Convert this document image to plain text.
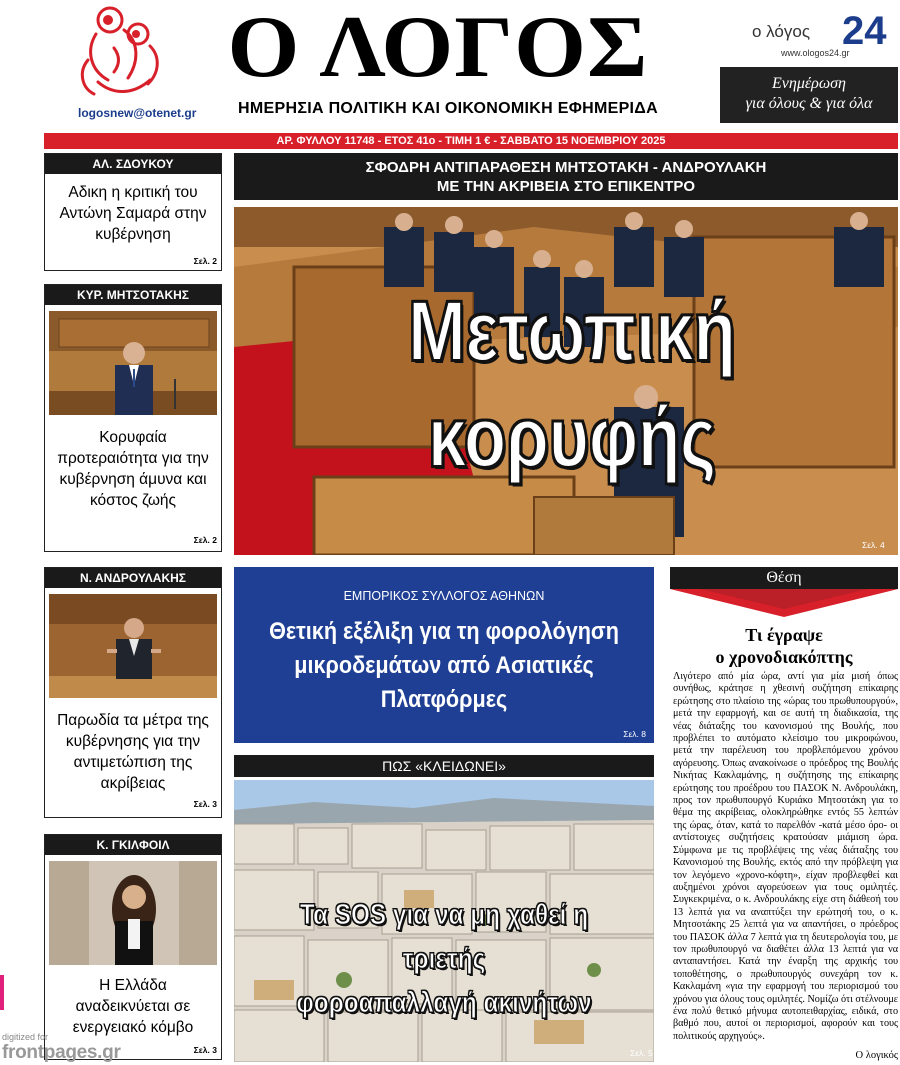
Ο ΛΟΓΟΣ
ΗΜΕΡΗΣΙΑ ΠΟΛΙΤΙΚΗ ΚΑΙ ΟΙΚΟΝΟΜΙΚΗ ΕΦΗΜΕΡΙΔΑ
logosnew@otenet.gr
24
ο λόγος
www.ologos24.gr
Ενημέρωση
για όλους & για όλα
ΑΡ. ΦΥΛΛΟΥ 11748 - ΕΤΟΣ 41ο - ΤΙΜΗ 1 € - ΣΑΒΒΑΤΟ 15 ΝΟΕΜΒΡΙΟΥ 2025
ΑΛ. ΣΔΟΥΚΟΥ
Αδικη η κριτική του Αντώνη Σαμαρά στην κυβέρνηση
Σελ. 2
ΚΥΡ. ΜΗΤΣΟΤΑΚΗΣ
Κορυφαία προτεραιότητα για την κυβέρνηση άμυνα και κόστος ζωής
Σελ. 2
Ν. ΑΝΔΡΟΥΛΑΚΗΣ
Παρωδία τα μέτρα της κυβέρνησης για την αντιμετώπιση της ακρίβειας
Σελ. 3
Κ. ΓΚΙΛΦΟΙΛ
Η Ελλάδα αναδεικνύεται σε ενεργειακό κόμβο
Σελ. 3
ΣΦΟΔΡΗ ΑΝΤΙΠΑΡΑΘΕΣΗ ΜΗΤΣΟΤΑΚΗ - ΑΝΔΡΟΥΛΑΚΗ
ΜΕ ΤΗΝ ΑΚΡΙΒΕΙΑ ΣΤΟ ΕΠΙΚΕΝΤΡΟ
Μετωπική
κορυφής
Σελ. 4
ΕΜΠΟΡΙΚΟΣ ΣΥΛΛΟΓΟΣ ΑΘΗΝΩΝ
Θετική εξέλιξη για τη φορολόγηση
μικροδεμάτων από Ασιατικές
Πλατφόρμες
Σελ. 8
ΠΩΣ «ΚΛΕΙΔΩΝΕΙ»
Τα SOS για να μη χαθεί η τριετής
φοροαπαλλαγή ακινήτων
Σελ. 5
Θέση
Τι έγραψε
ο χρονοδιακόπτης
Λιγότερο από μία ώρα, αντί για μία μισή όπως συνήθως, κράτησε η χθεσινή συζήτηση επίκαιρης ερώτησης στο πλαίσιο της «ώρας του πρωθυπουργού», μετά την εφαρμογή, και σε αυτή τη διαδικασία, της νέας διάταξης του κανονισμού της Βουλής, που προβλέπει το αυτόματο κλείσιμο του μικροφώνου, μετά την παρέλευση του προβλεπόμενου χρόνου αγόρευσης. Όπως ανακοίνωσε ο πρόεδρος της Βουλής Νικήτας Κακλαμάνης, η συζήτησης της επίκαιρης ερώτησης του προέδρου του ΠΑΣΟΚ Ν. Ανδρουλάκη, προς τον πρωθυπουργό Κυριάκο Μητσοτάκη για το θέμα της ακρίβειας, ολοκληρώθηκε εντός 55 λεπτών της ώρας, όταν, κατά το παρελθόν -κατά μέσο όρο- οι αντίστοιχες συζητήσεις κρατούσαν μιάμιση ώρα. Σύμφωνα με τις προβλέψεις της νέας διάταξης του Κανονισμού της Βουλής, εκτός από την πρόβλεψη για τον λεγόμενο «χρονο-κόφτη», είχαν προβλεφθεί και αυξημένοι χρόνοι αγορεύσεων για τους ομιλητές. Συγκεκριμένα, ο κ. Ανδρουλάκης είχε στη διάθεσή του 13 λεπτά για να αναπτύξει την ερώτησή του, ο κ. Μητσοτάκης 25 λεπτά για να απαντήσει, ο πρόεδρος του ΠΑΣΟΚ άλλα 7 λεπτά για τη δευτερολογία του, με τον πρωθυπουργό να διαθέτει άλλα 13 λεπτά για να ανταπαντήσει. Κατά την έναρξη της αρχικής του τοποθέτησης, ο πρωθυπουργός συνεχάρη τον κ. Κακλαμάνη «για την εφαρμογή του περιορισμού του χρόνου για όλους τους ομιλητές. Νομίζω ότι στέλνουμε ένα πολύ θετικό μήνυμα αυτοπειθαρχίας, ειδικά, στο βαθμό που, αυτοί οι περιορισμοί, αφορούν και τους πολιτικούς αρχηγούς».
Ο λογικός
digitized for
frontpages.gr
